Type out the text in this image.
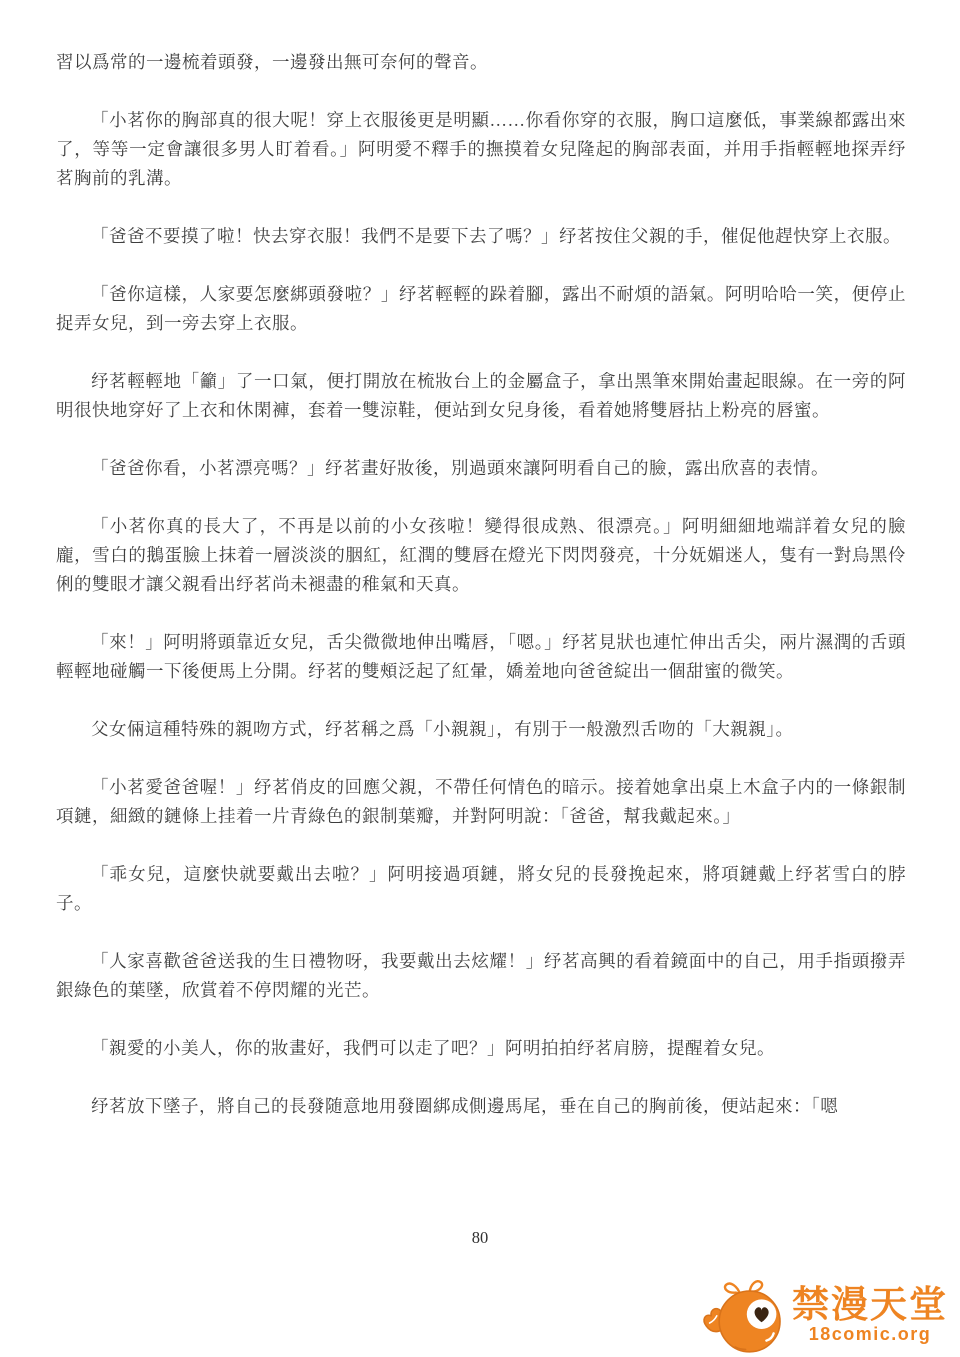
習以爲常的一邊梳着頭發，一邊發出無可奈何的聲音。

「小茗你的胸部真的很大呢！穿上衣服後更是明顯……你看你穿的衣服，胸口這麼低，事業線都露出來了，等等一定會讓很多男人盯着看。」阿明愛不釋手的撫摸着女兒隆起的胸部表面，并用手指輕輕地探弄纾茗胸前的乳溝。

「爸爸不要摸了啦！快去穿衣服！我們不是要下去了嗎？」纾茗按住父親的手，催促他趕快穿上衣服。

「爸你這樣，人家要怎麼綁頭發啦？」纾茗輕輕的跺着腳，露出不耐煩的語氣。阿明哈哈一笑，便停止捉弄女兒，到一旁去穿上衣服。

纾茗輕輕地「籲」了一口氣，便打開放在梳妝台上的金屬盒子，拿出黑筆來開始畫起眼線。在一旁的阿明很快地穿好了上衣和休閑褲，套着一雙涼鞋，便站到女兒身後，看着她將雙唇拈上粉亮的唇蜜。

「爸爸你看，小茗漂亮嗎？」纾茗畫好妝後，別過頭來讓阿明看自己的臉，露出欣喜的表情。

「小茗你真的長大了，不再是以前的小女孩啦！變得很成熟、很漂亮。」阿明細細地端詳着女兒的臉龐，雪白的鵝蛋臉上抹着一層淡淡的胭紅，紅潤的雙唇在燈光下閃閃發亮，十分妩媚迷人，隻有一對烏黑伶俐的雙眼才讓父親看出纾茗尚未褪盡的稚氣和天真。

「來！」阿明將頭靠近女兒，舌尖微微地伸出嘴唇，「嗯。」纾茗見狀也連忙伸出舌尖，兩片濕潤的舌頭輕輕地碰觸一下後便馬上分開。纾茗的雙頰泛起了紅暈，嬌羞地向爸爸綻出一個甜蜜的微笑。

父女倆這種特殊的親吻方式，纾茗稱之爲「小親親」，有別于一般激烈舌吻的「大親親」。

「小茗愛爸爸喔！」纾茗俏皮的回應父親，不帶任何情色的暗示。接着她拿出桌上木盒子内的一條銀制項鏈，細緻的鏈條上挂着一片青綠色的銀制葉瓣，并對阿明說：「爸爸，幫我戴起來。」

「乖女兒，這麼快就要戴出去啦？」阿明接過項鏈，將女兒的長發挽起來，將項鏈戴上纾茗雪白的脖子。

「人家喜歡爸爸送我的生日禮物呀，我要戴出去炫耀！」纾茗高興的看着鏡面中的自己，用手指頭撥弄銀綠色的葉墜，欣賞着不停閃耀的光芒。

「親愛的小美人，你的妝畫好，我們可以走了吧？」阿明拍拍纾茗肩膀，提醒着女兒。

纾茗放下墜子，將自己的長發随意地用發圈綁成側邊馬尾，垂在自己的胸前後，便站起來：「嗯

80
禁漫天堂
18comic.org
